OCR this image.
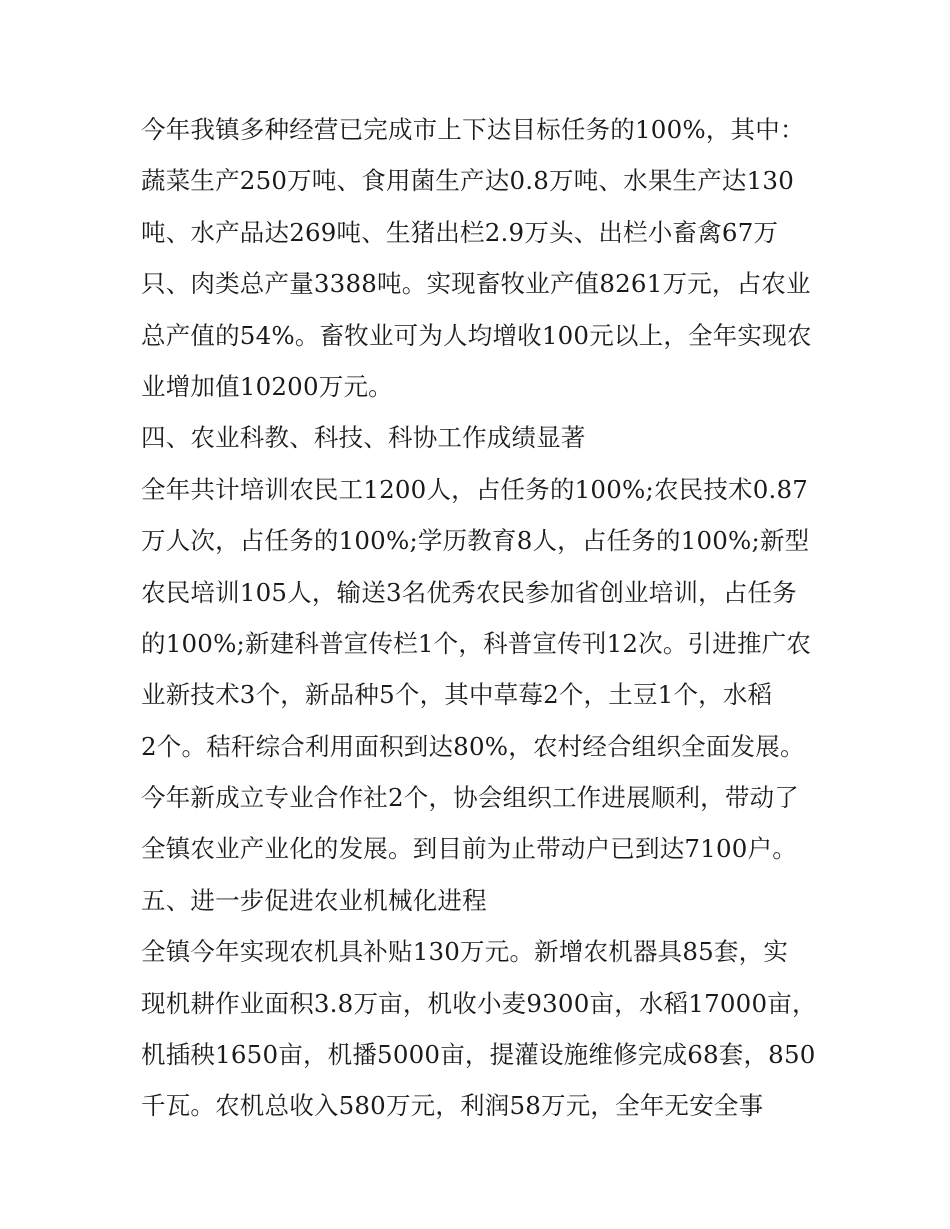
今年我镇多种经营已完成市上下达目标任务的100%，其中：
蔬菜生产250万吨、食用菌生产达0.8万吨、水果生产达130
吨、水产品达269吨、生猪出栏2.9万头、出栏小畜禽67万
只、肉类总产量3388吨。实现畜牧业产值8261万元，占农业
总产值的54%。畜牧业可为人均增收100元以上，全年实现农
业增加值10200万元。
四、农业科教、科技、科协工作成绩显著
全年共计培训农民工1200人，占任务的100%;农民技术0.87
万人次，占任务的100%;学历教育8人，占任务的100%;新型
农民培训105人，输送3名优秀农民参加省创业培训，占任务
的100%;新建科普宣传栏1个，科普宣传刊12次。引进推广农
业新技术3个，新品种5个，其中草莓2个，土豆1个，水稻
2个。秸秆综合利用面积到达80%，农村经合组织全面发展。
今年新成立专业合作社2个，协会组织工作进展顺利，带动了
全镇农业产业化的发展。到目前为止带动户已到达7100户。
五、进一步促进农业机械化进程
全镇今年实现农机具补贴130万元。新增农机器具85套，实
现机耕作业面积3.8万亩，机收小麦9300亩，水稻17000亩，
机插秧1650亩，机播5000亩，提灌设施维修完成68套，850
千瓦。农机总收入580万元，利润58万元，全年无安全事
